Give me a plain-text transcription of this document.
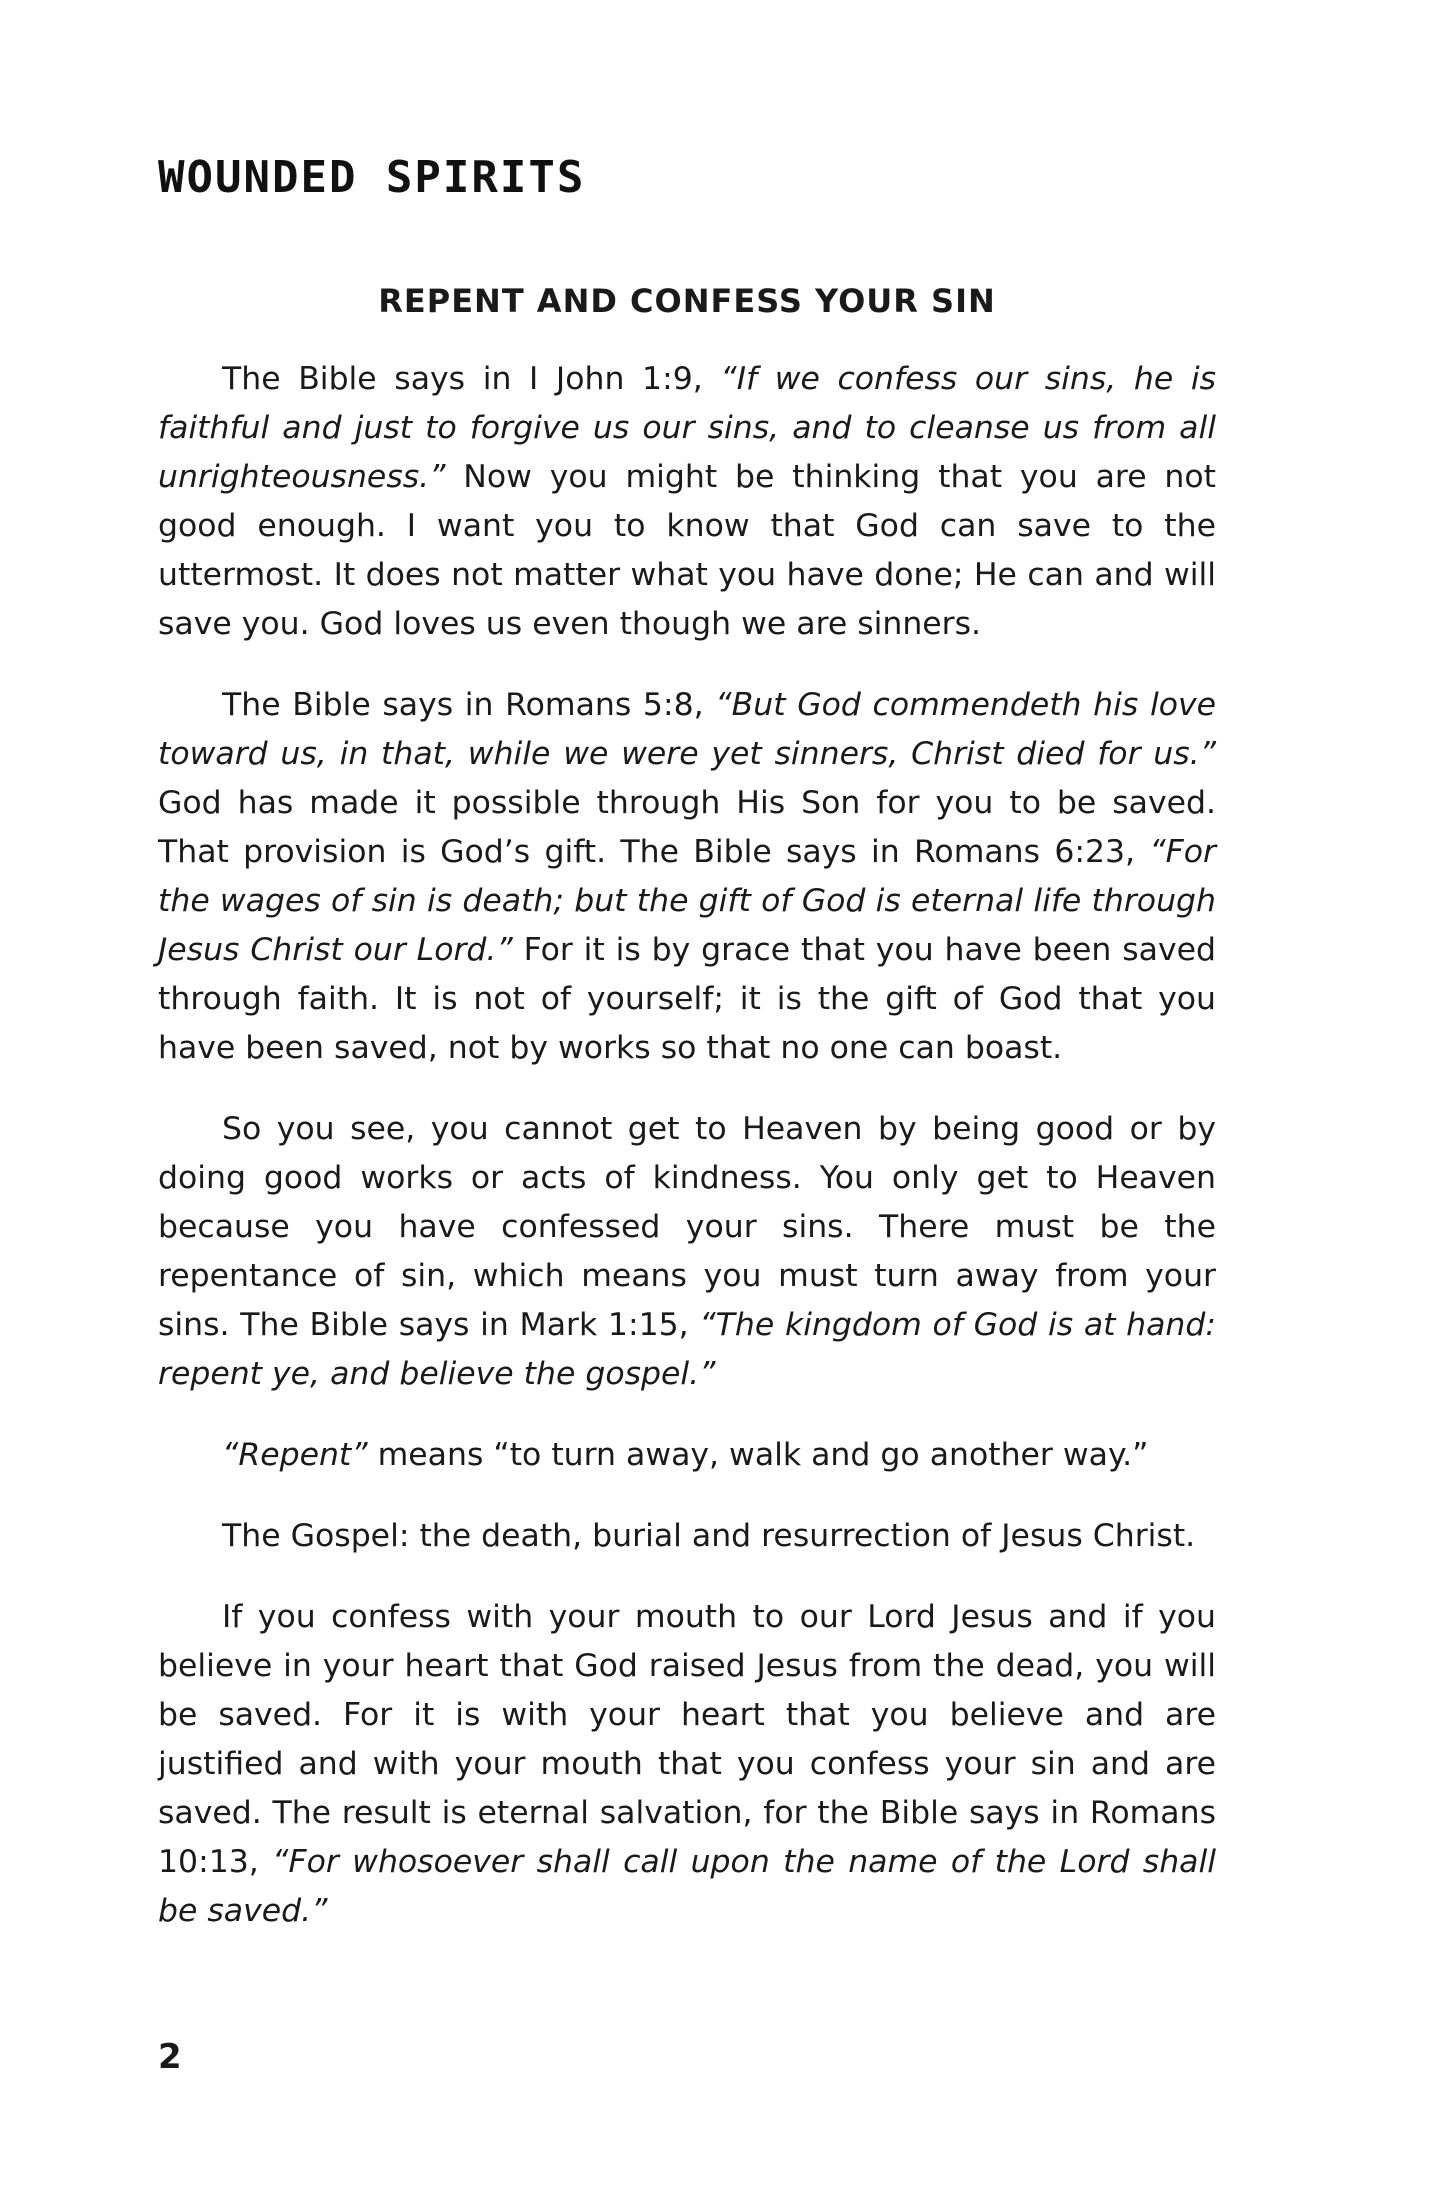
WOUNDED SPIRITS
REPENT AND CONFESS YOUR SIN

The Bible says in I John 1:9, “If we confess our sins, he is faithful and just to forgive us our sins, and to cleanse us from all unrighteousness.” Now you might be thinking that you are not good enough. I want you to know that God can save to the uttermost. It does not matter what you have done; He can and will save you. God loves us even though we are sinners.

The Bible says in Romans 5:8, “But God commendeth his love toward us, in that, while we were yet sinners, Christ died for us.” God has made it possible through His Son for you to be saved. That provision is God’s gift. The Bible says in Romans 6:23, “For the wages of sin is death; but the gift of God is eternal life through Jesus Christ our Lord.” For it is by grace that you have been saved through faith. It is not of yourself; it is the gift of God that you have been saved, not by works so that no one can boast.

So you see, you cannot get to Heaven by being good or by doing good works or acts of kindness. You only get to Heaven because you have confessed your sins. There must be the repentance of sin, which means you must turn away from your sins. The Bible says in Mark 1:15, “The kingdom of God is at hand: repent ye, and believe the gospel.”

“Repent” means “to turn away, walk and go another way.”

The Gospel: the death, burial and resurrection of Jesus Christ.

If you confess with your mouth to our Lord Jesus and if you believe in your heart that God raised Jesus from the dead, you will be saved. For it is with your heart that you believe and are justified and with your mouth that you confess your sin and are saved. The result is eternal salvation, for the Bible says in Romans 10:13, “For whosoever shall call upon the name of the Lord shall be saved.”

2
